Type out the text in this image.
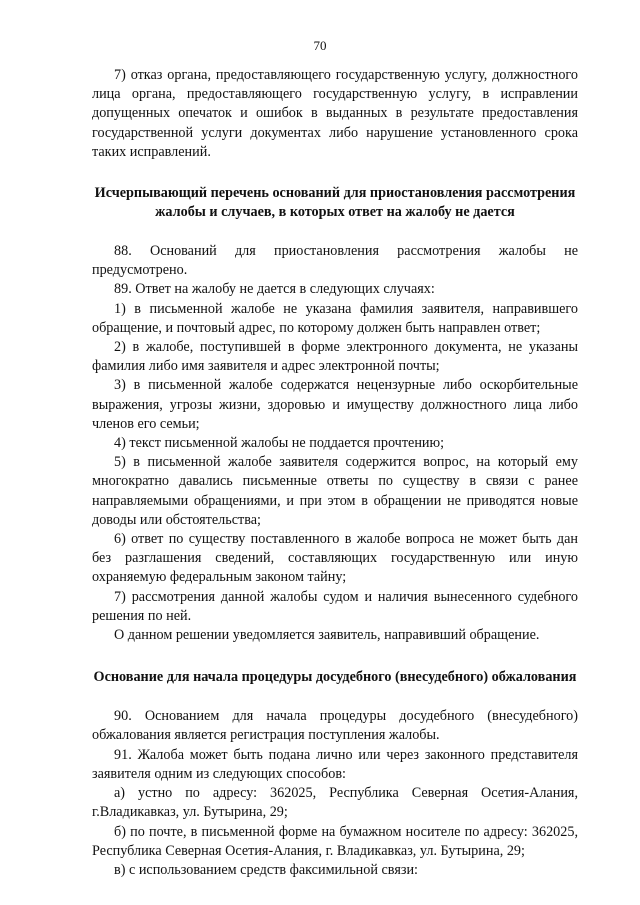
70

7) отказ органа, предоставляющего государственную услугу, должностного лица органа, предоставляющего государственную услугу, в исправлении допущенных опечаток и ошибок в выданных в результате предоставления государственной услуги документах либо нарушение установленного срока таких исправлений.

Исчерпывающий перечень оснований для приостановления рассмотрения жалобы и случаев, в которых ответ на жалобу не дается

88. Оснований для приостановления рассмотрения жалобы не предусмотрено.

89. Ответ на жалобу не дается в следующих случаях:

1) в письменной жалобе не указана фамилия заявителя, направившего обращение, и почтовый адрес, по которому должен быть направлен ответ;

2) в жалобе, поступившей в форме электронного документа, не указаны фамилия либо имя заявителя и адрес электронной почты;

3) в письменной жалобе содержатся нецензурные либо оскорбительные выражения, угрозы жизни, здоровью и имуществу должностного лица либо членов его семьи;

4) текст письменной жалобы не поддается прочтению;

5) в письменной жалобе заявителя содержится вопрос, на который ему многократно давались письменные ответы по существу в связи с ранее направляемыми обращениями, и при этом в обращении не приводятся новые доводы или обстоятельства;

6) ответ по существу поставленного в жалобе вопроса не может быть дан без разглашения сведений, составляющих государственную или иную охраняемую федеральным законом тайну;

7) рассмотрения данной жалобы судом и наличия вынесенного судебного решения по ней.

О данном решении уведомляется заявитель, направивший обращение.

Основание для начала процедуры досудебного (внесудебного) обжалования

90. Основанием для начала процедуры досудебного (внесудебного) обжалования является регистрация поступления жалобы.

91. Жалоба может быть подана лично или через законного представителя заявителя одним из следующих способов:

а) устно по адресу: 362025, Республика Северная Осетия-Алания, г.Владикавказ, ул. Бутырина, 29;

б) по почте, в письменной форме на бумажном носителе по адресу: 362025, Республика Северная Осетия-Алания, г. Владикавказ, ул. Бутырина, 29;

в) с использованием средств факсимильной связи:
